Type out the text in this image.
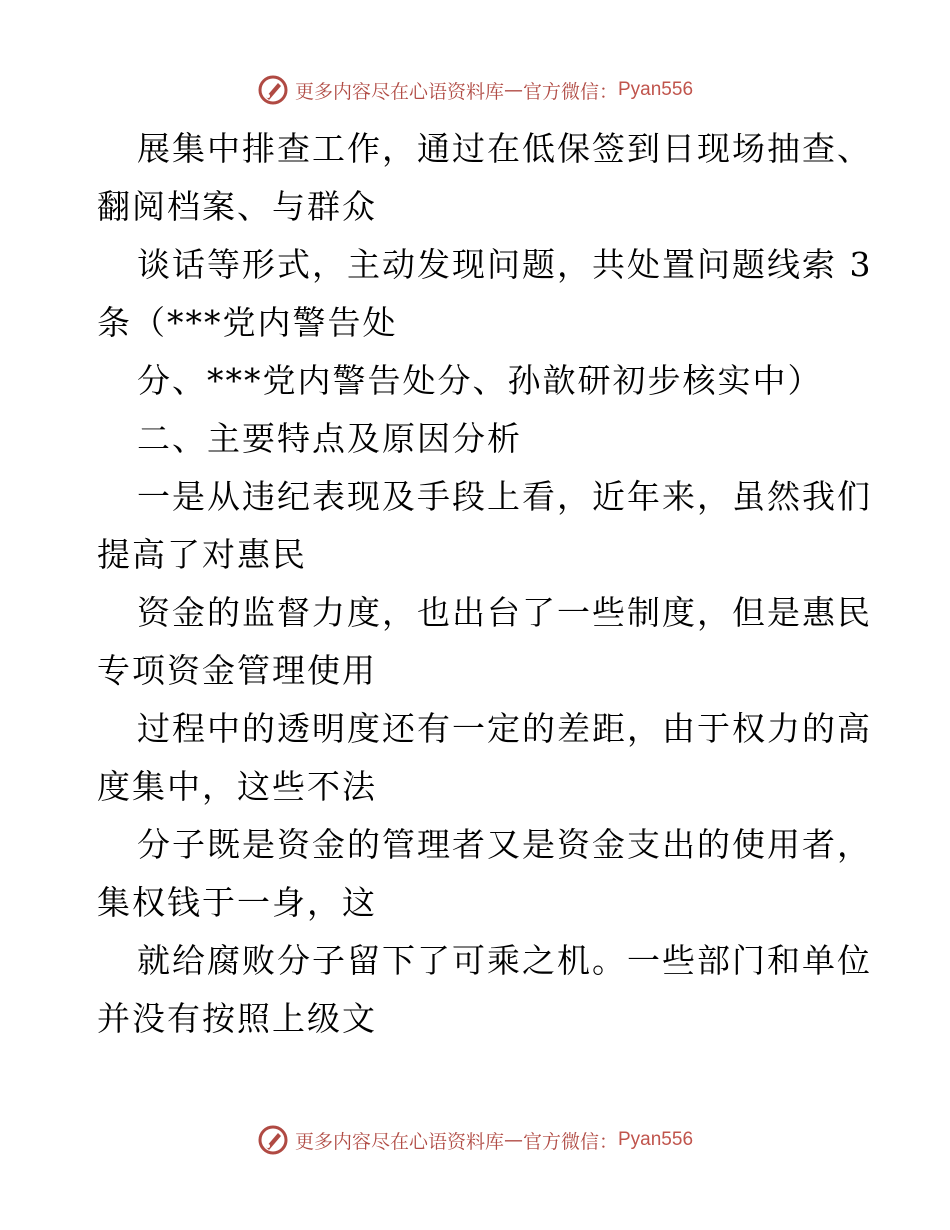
更多内容尽在心语资料库 — 官方微信： Pyan556
展集中排查工作，通过在低保签到日现场抽查、
翻阅档案、与群众
谈话等形式，主动发现问题，共处置问题线索 3
条（***党内警告处
分、***党内警告处分、孙歆研初步核实中）
二、主要特点及原因分析
一是从违纪表现及手段上看，近年来，虽然我们
提高了对惠民
资金的监督力度，也出台了一些制度，但是惠民
专项资金管理使用
过程中的透明度还有一定的差距，由于权力的高
度集中，这些不法
分子既是资金的管理者又是资金支出的使用者，
集权钱于一身，这
就给腐败分子留下了可乘之机。一些部门和单位
并没有按照上级文
更多内容尽在心语资料库 — 官方微信： Pyan556
